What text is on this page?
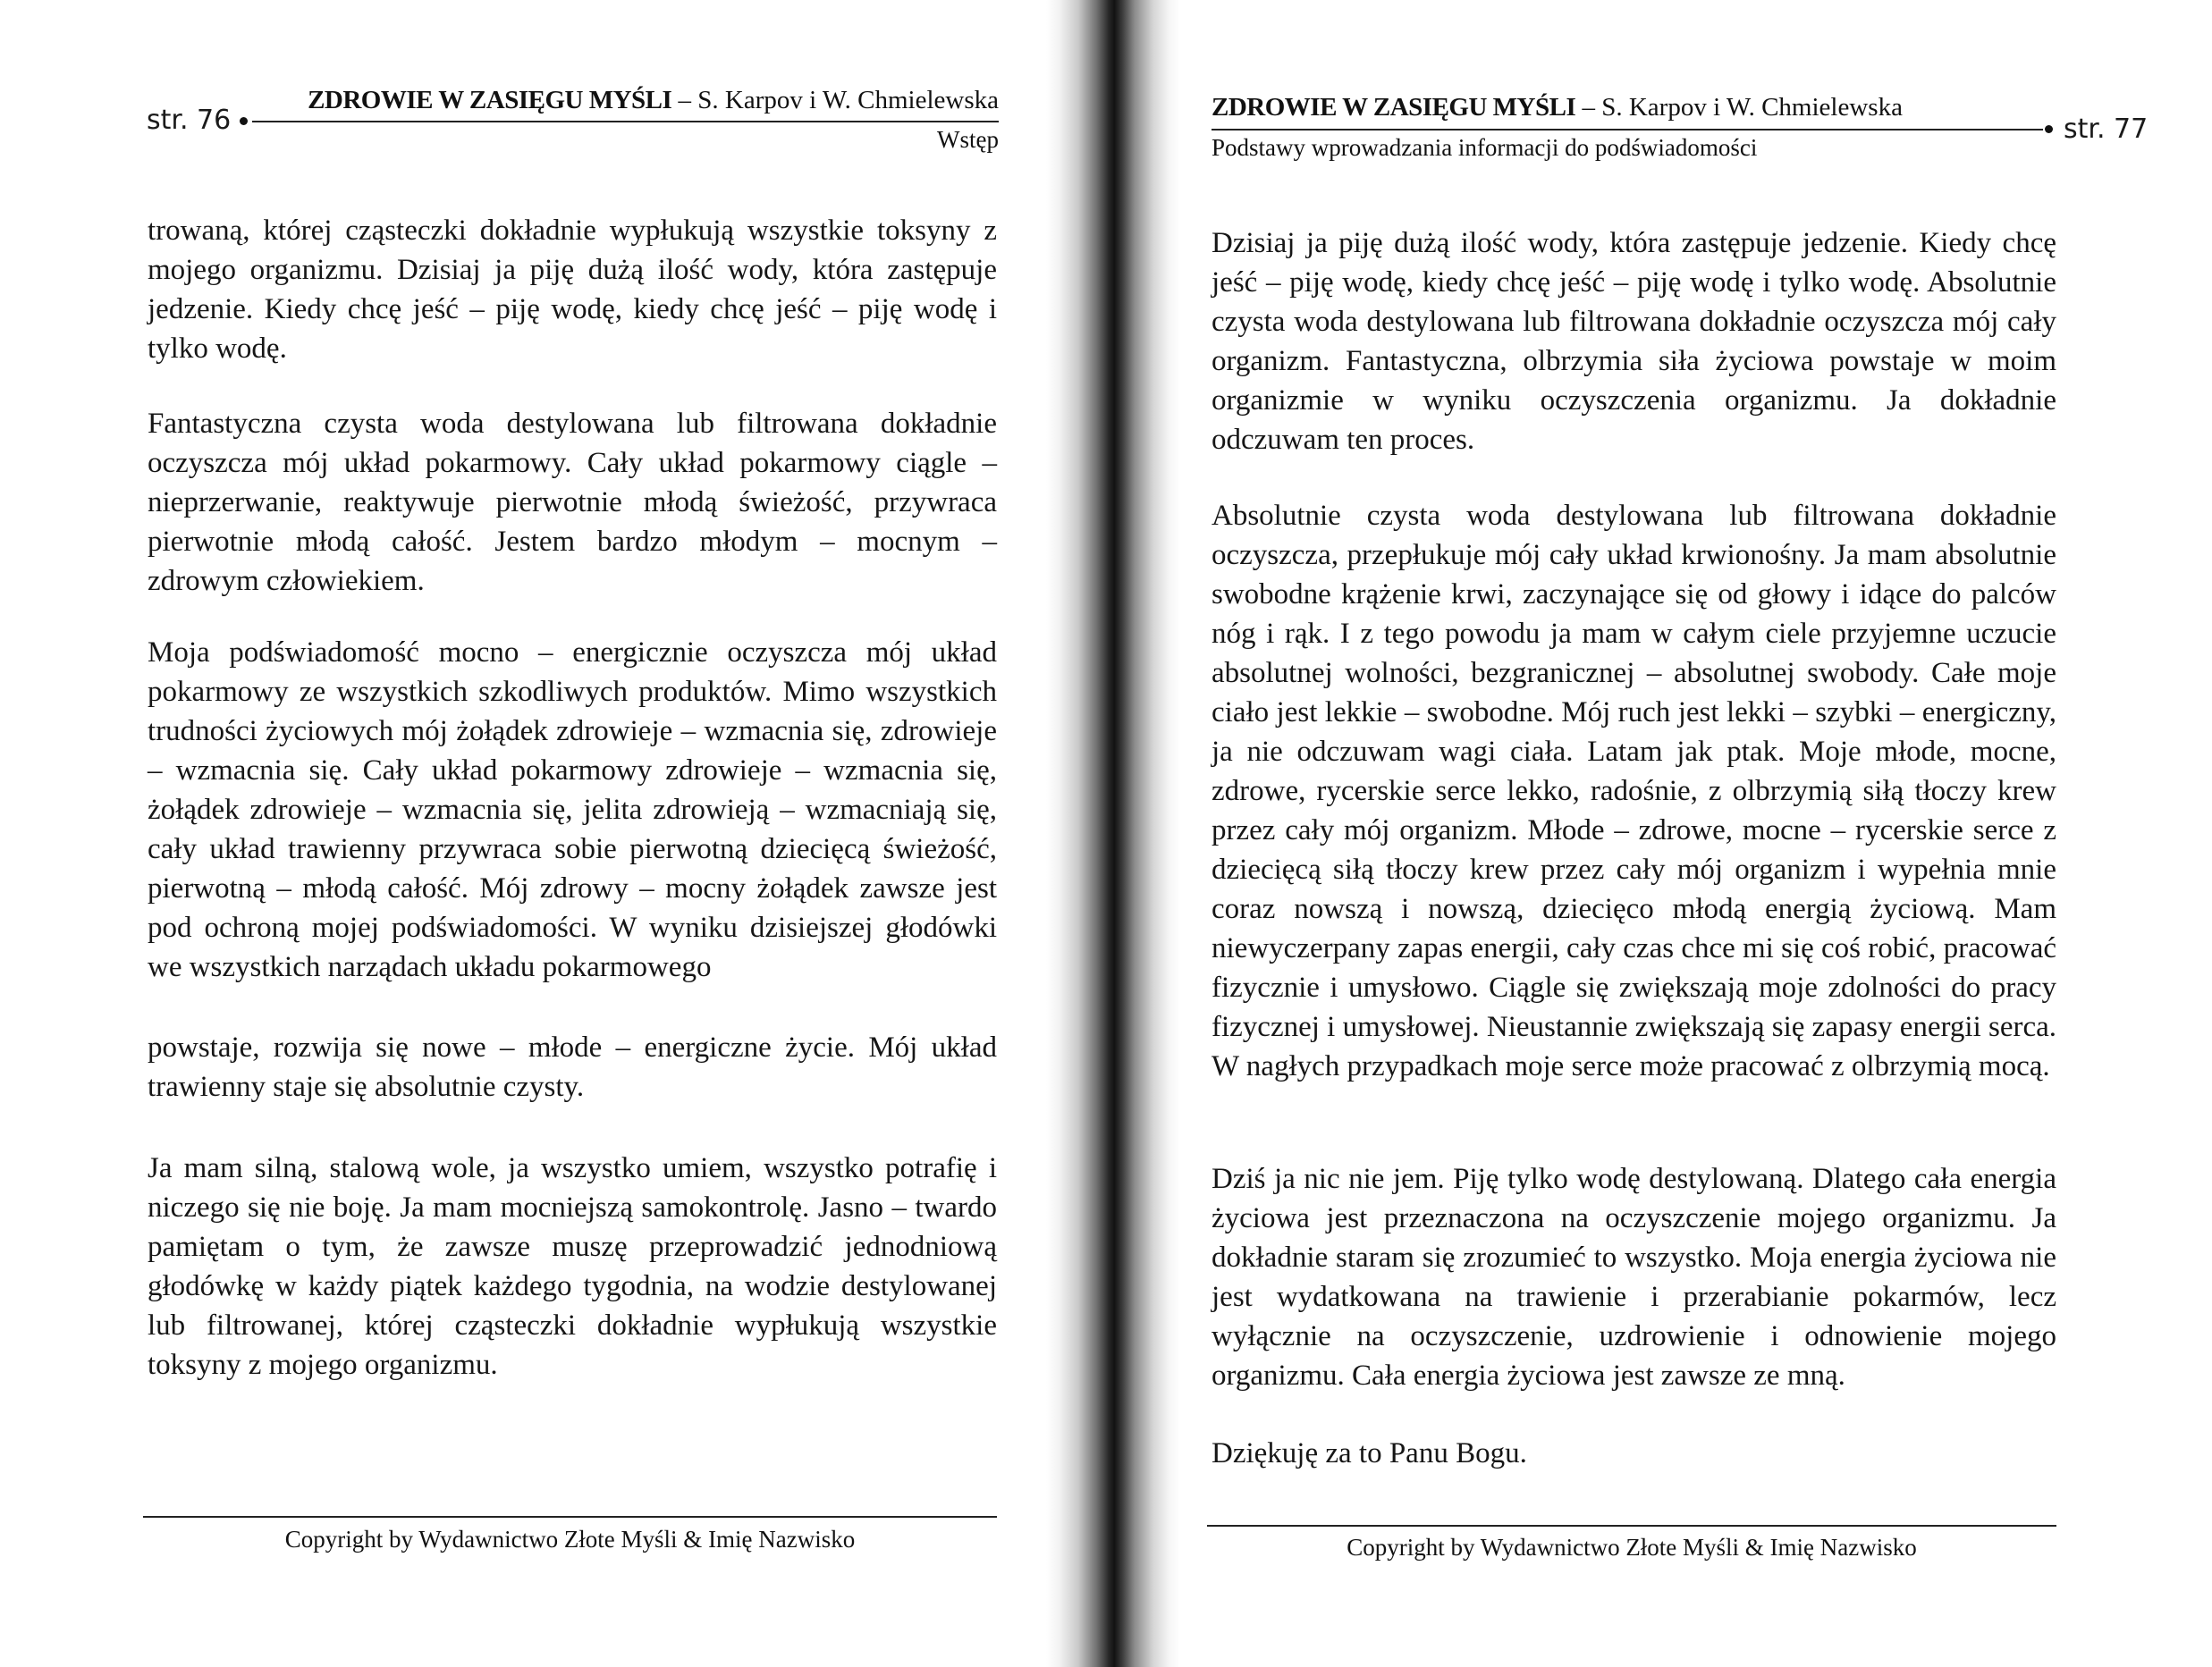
str. 76
ZDROWIE W ZASIĘGU MYŚLI – S. Karpov i W. Chmielewska
Wstęp

trowaną, której cząsteczki dokładnie wypłukują wszystkie toksyny z mojego organizmu. Dzisiaj ja piję dużą ilość wody, która zastępuje jedzenie. Kiedy chcę jeść – piję wodę, kiedy chcę jeść – piję wodę i tylko wodę.

Fantastyczna czysta woda destylowana lub filtrowana dokładnie oczyszcza mój układ pokarmowy. Cały układ pokarmowy ciągle – nieprzerwanie, reaktywuje pierwotnie młodą świeżość, przywraca pierwotnie młodą całość. Jestem bardzo młodym – mocnym – zdrowym człowiekiem.

Moja podświadomość mocno – energicznie oczyszcza mój układ pokarmowy ze wszystkich szkodliwych produktów. Mimo wszystkich trudności życiowych mój żołądek zdrowieje – wzmacnia się, zdrowieje – wzmacnia się. Cały układ pokarmowy zdrowieje – wzmacnia się, żołądek zdrowieje – wzmacnia się, jelita zdrowieją – wzmacniają się, cały układ trawienny przywraca sobie pierwotną dziecięcą świeżość, pierwotną – młodą całość. Mój zdrowy – mocny żołądek zawsze jest pod ochroną mojej podświadomości. W wyniku dzisiejszej głodówki we wszystkich narządach układu pokarmowego

powstaje, rozwija się nowe – młode – energiczne życie. Mój układ trawienny staje się absolutnie czysty.

Ja mam silną, stalową wole, ja wszystko umiem, wszystko potrafię i niczego się nie boję. Ja mam mocniejszą samokontrolę. Jasno – twardo pamiętam o tym, że zawsze muszę przeprowadzić jednodniową głodówkę w każdy piątek każdego tygodnia, na wodzie destylowanej lub filtrowanej, której cząsteczki dokładnie wypłukują wszystkie toksyny z mojego organizmu.

Copyright by Wydawnictwo Złote Myśli & Imię Nazwisko
ZDROWIE W ZASIĘGU MYŚLI – S. Karpov i W. Chmielewska
str. 77
Podstawy wprowadzania informacji do podświadomości

Dzisiaj ja piję dużą ilość wody, która zastępuje jedzenie. Kiedy chcę jeść – piję wodę, kiedy chcę jeść – piję wodę i tylko wodę. Absolutnie czysta woda destylowana lub filtrowana dokładnie oczyszcza mój cały organizm. Fantastyczna, olbrzymia siła życiowa powstaje w moim organizmie w wyniku oczyszczenia organizmu. Ja dokładnie odczuwam ten proces.

Absolutnie czysta woda destylowana lub filtrowana dokładnie oczyszcza, przepłukuje mój cały układ krwionośny. Ja mam absolutnie swobodne krążenie krwi, zaczynające się od głowy i idące do palców nóg i rąk. I z tego powodu ja mam w całym ciele przyjemne uczucie absolutnej wolności, bezgranicznej – absolutnej swobody. Całe moje ciało jest lekkie – swobodne. Mój ruch jest lekki – szybki – energiczny, ja nie odczuwam wagi ciała. Latam jak ptak. Moje młode, mocne, zdrowe, rycerskie serce lekko, radośnie, z olbrzymią siłą tłoczy krew przez cały mój organizm. Młode – zdrowe, mocne – rycerskie serce z dziecięcą siłą tłoczy krew przez cały mój organizm i wypełnia mnie coraz nowszą i nowszą, dziecięco młodą energią życiową. Mam niewyczerpany zapas energii, cały czas chce mi się coś robić, pracować fizycznie i umysłowo. Ciągle się zwiększają moje zdolności do pracy fizycznej i umysłowej. Nieustannie zwiększają się zapasy energii serca. W nagłych przypadkach moje serce może pracować z olbrzymią mocą.

Dziś ja nic nie jem. Piję tylko wodę destylowaną. Dlatego cała energia życiowa jest przeznaczona na oczyszczenie mojego organizmu. Ja dokładnie staram się zrozumieć to wszystko. Moja energia życiowa nie jest wydatkowana na trawienie i przerabianie pokarmów, lecz wyłącznie na oczyszczenie, uzdrowienie i odnowienie mojego organizmu. Cała energia życiowa jest zawsze ze mną.

Dziękuję za to Panu Bogu.

Copyright by Wydawnictwo Złote Myśli & Imię Nazwisko
